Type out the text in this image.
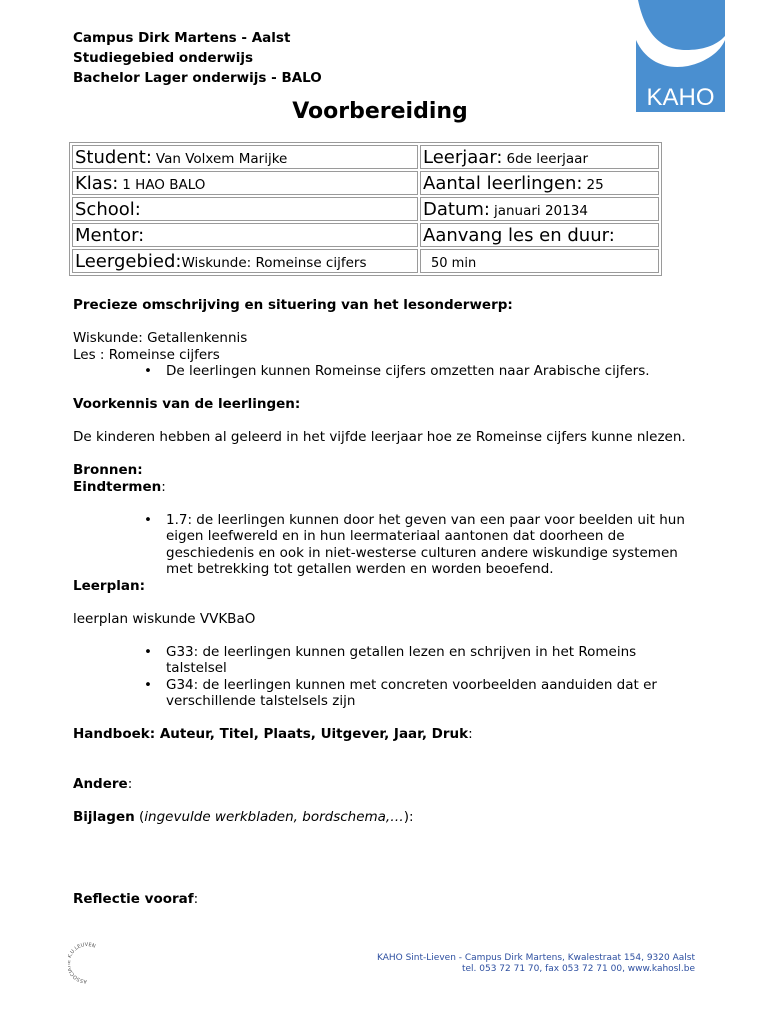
Campus Dirk Martens - Aalst
Studiegebied onderwijs
Bachelor Lager onderwijs - BALO
KAHO
Voorbereiding
Student: Van Volxem Marijke	Leerjaar: 6de leerjaar
Klas: 1 HAO BALO	Aantal leerlingen: 25
School:	Datum: januari 20134
Mentor:	Aanvang les en duur:
Leergebied:Wiskunde: Romeinse cijfers	50 min

Precieze omschrijving en situering van het lesonderwerp:

Wiskunde: Getallenkennis

Les : Romeinse cijfers

• De leerlingen kunnen Romeinse cijfers omzetten naar Arabische cijfers.

Voorkennis van de leerlingen:

De kinderen hebben al geleerd in het vijfde leerjaar hoe ze Romeinse cijfers kunne nlezen.

Bronnen:

Eindtermen:

• 1.7: de leerlingen kunnen door het geven van een paar voor beelden uit hun eigen leefwereld en in hun leermateriaal aantonen dat doorheen de geschiedenis en ook in niet-westerse culturen andere wiskundige systemen met betrekking tot getallen werden en worden beoefend.

Leerplan:

leerplan wiskunde VVKBaO

• G33: de leerlingen kunnen getallen lezen en schrijven in het Romeins talstelsel
• G34: de leerlingen kunnen met concreten voorbeelden aanduiden dat er verschillende talstelsels zijn

Handboek: Auteur, Titel, Plaats, Uitgever, Jaar, Druk:

Andere:

Bijlagen (ingevulde werkbladen, bordschema,…):

Reflectie vooraf:

ASSOCI .U.LEUVEN
KAHO Sint-Lieven - Campus Dirk Martens, Kwalestraat 154, 9320 Aalst
tel. 053 72 71 70, fax 053 72 71 00, www.kahosl.be
